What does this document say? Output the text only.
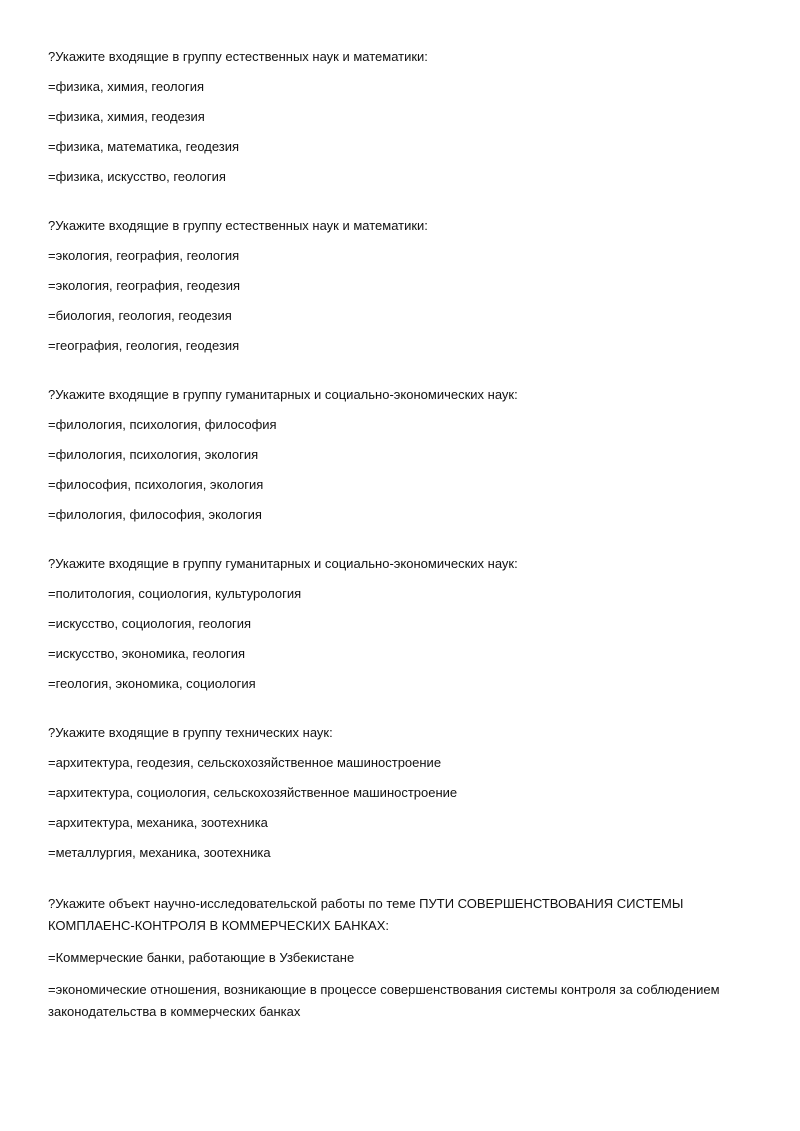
?Укажите входящие в группу естественных наук и математики:
=физика, химия, геология
=физика, химия, геодезия
=физика, математика, геодезия
=физика, искусство, геология
?Укажите входящие в группу естественных наук и математики:
=экология, география, геология
=экология, география, геодезия
=биология, геология, геодезия
=география, геология, геодезия
?Укажите входящие в группу гуманитарных и социально-экономических наук:
=филология, психология, философия
=филология, психология, экология
=философия, психология, экология
=филология, философия, экология
?Укажите входящие в группу гуманитарных и социально-экономических наук:
=политология, социология, культурология
=искусство, социология, геология
=искусство, экономика, геология
=геология, экономика, социология
?Укажите входящие в группу технических наук:
=архитектура, геодезия, сельскохозяйственное машиностроение
=архитектура, социология, сельскохозяйственное машиностроение
=архитектура, механика, зоотехника
=металлургия, механика, зоотехника
?Укажите объект научно-исследовательской работы по теме ПУТИ СОВЕРШЕНСТВОВАНИЯ СИСТЕМЫ КОМПЛАЕНС-КОНТРОЛЯ В КОММЕРЧЕСКИХ БАНКАХ:
=Коммерческие банки, работающие в Узбекистане
=экономические отношения, возникающие в процессе совершенствования системы контроля за соблюдением законодательства в коммерческих банках
